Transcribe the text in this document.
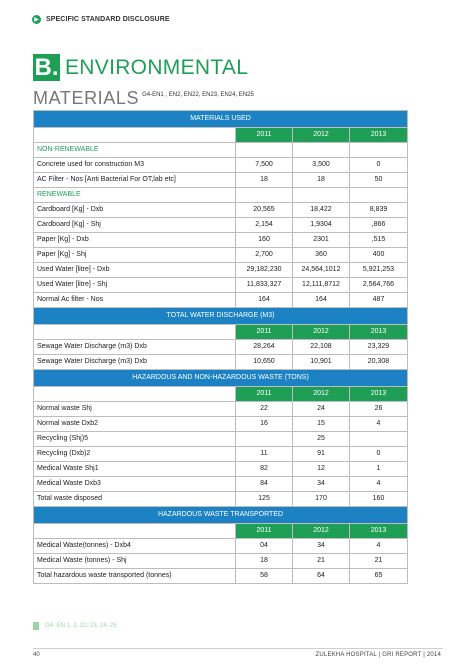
▶ SPECIFIC STANDARD DISCLOSURE
B. ENVIRONMENTAL
MATERIALS G4-EN1 , EN2, EN22, EN23, EN24, EN25
MATERIALS USED			
	2011	2012	2013
NON-RENEWABLE			
Concrete used for construction M3	7,500	3,500	0
AC Filter - Nos [Anti Bacterial For OT,lab etc]	18	18	50
RENEWABLE			
Cardboard [Kg] - Dxb	20,565	18,422	8,839
Cardboard [Kg] - Shj	2,154	1,9304	,866
Paper [Kg] - Dxb	160	2301	,515
Paper [Kg] - Shj	2,700	360	400
Used Water [litre] - Dxb	29,182,230	24,564,1012	5,921,253
Used Water [litre] - Shj	11,833,327	12,111,8712	2,564,766
Normal Ac filter - Nos	164	164	487
TOTAL WATER DISCHARGE (M3)			
	2011	2012	2013
Sewage Water Discharge (m3) Dxb	28,264	22,108	23,329
Sewage Water Discharge (m3) Dxb	10,650	10,901	20,308
HAZARDOUS AND NON-HAZARDOUS WASTE (TONS)			
	2011	2012	2013
Normal waste Shj	22	24	26
Normal waste Dxb2	16	15	4
Recycling (Shj)5		25	
Recycling (Dxb)2	11	91	0
Medical Waste Shj1	82	12	1
Medical Waste Dxb3	84	34	4
Total waste disposed	125	170	160
HAZARDOUS WASTE TRANSPORTED			
	2011	2012	2013
Medical Waste(tonnes) - Dxb4	04	34	4
Medical Waste (tonnes) - Shj	18	21	21
Total hazardous waste transported (tonnes)	58	64	65
G4- EN 1, 2, 22, 23, 24, 25
40	ZULEKHA HOSPITAL | GRI REPORT | 2014
